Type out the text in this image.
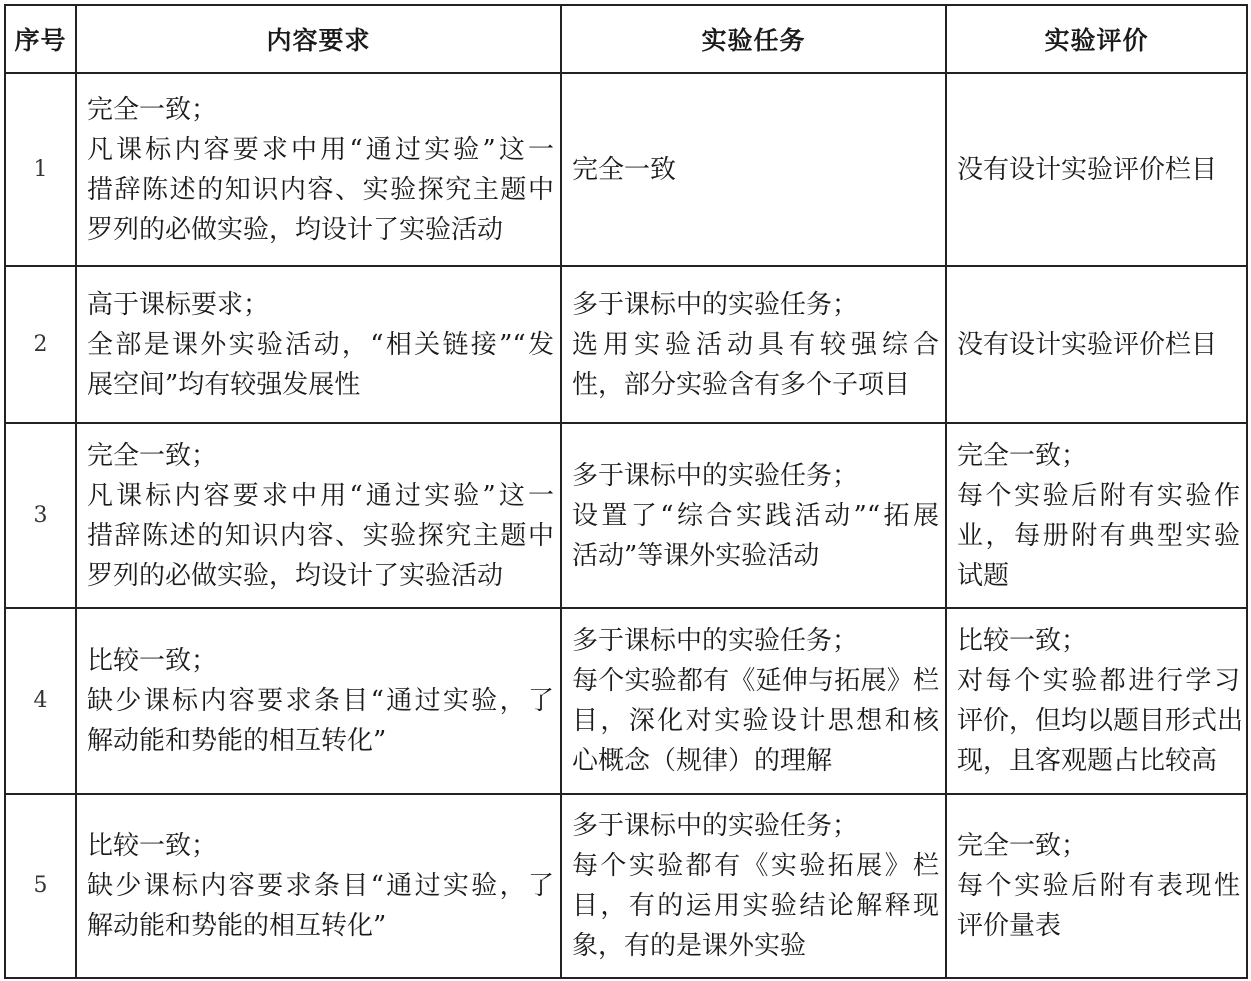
序号	内容要求	实验任务	实验评价
1	完全一致；
凡课标内容要求中用“通过实验”这一
措辞陈述的知识内容、实验探究主题中
罗列的必做实验，均设计了实验活动	完全一致	没有设计实验评价栏目

2	高于课标要求；
全部是课外实验活动，“相关链接”“发
展空间”均有较强发展性	多于课标中的实验任务；
选用实验活动具有较强综合
性，部分实验含有多个子项目	没有设计实验评价栏目

3	完全一致；
凡课标内容要求中用“通过实验”这一
措辞陈述的知识内容、实验探究主题中
罗列的必做实验，均设计了实验活动	多于课标中的实验任务；
设置了“综合实践活动”“拓展
活动”等课外实验活动	完全一致；
每个实验后附有实验作
业，每册附有典型实验
试题

4	比较一致；
缺少课标内容要求条目“通过实验，了
解动能和势能的相互转化”	多于课标中的实验任务；
每个实验都有《延伸与拓展》栏
目，深化对实验设计思想和核
心概念（规律）的理解	比较一致；
对每个实验都进行学习
评价，但均以题目形式出
现，且客观题占比较高

5	比较一致；
缺少课标内容要求条目“通过实验，了
解动能和势能的相互转化”	多于课标中的实验任务；
每个实验都有《实验拓展》栏
目，有的运用实验结论解释现
象，有的是课外实验	完全一致；
每个实验后附有表现性
评价量表
